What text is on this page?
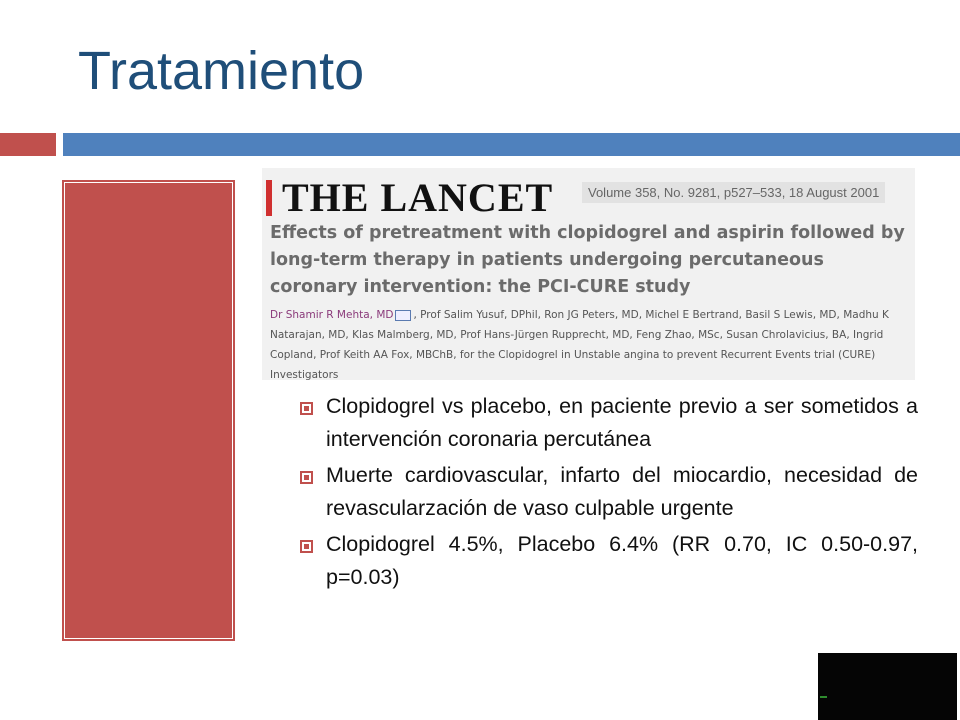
Tratamiento
THE LANCET	Volume 358, No. 9281, p527–533, 18 August 2001
Effects of pretreatment with clopidogrel and aspirin followed by long-term therapy in patients undergoing percutaneous coronary intervention: the PCI-CURE study
Dr Shamir R Mehta, MD , Prof Salim Yusuf, DPhil, Ron JG Peters, MD, Michel E Bertrand, Basil S Lewis, MD, Madhu K Natarajan, MD, Klas Malmberg, MD, Prof Hans-Jürgen Rupprecht, MD, Feng Zhao, MSc, Susan Chrolavicius, BA, Ingrid Copland, Prof Keith AA Fox, MBChB, for the Clopidogrel in Unstable angina to prevent Recurrent Events trial (CURE) Investigators
Clopidogrel vs placebo, en paciente previo a ser sometidos a intervención coronaria percutánea
Muerte cardiovascular, infarto del miocardio, necesidad de revascularzación de vaso culpable urgente
Clopidogrel 4.5%, Placebo 6.4% (RR 0.70, IC 0.50-0.97, p=0.03)
